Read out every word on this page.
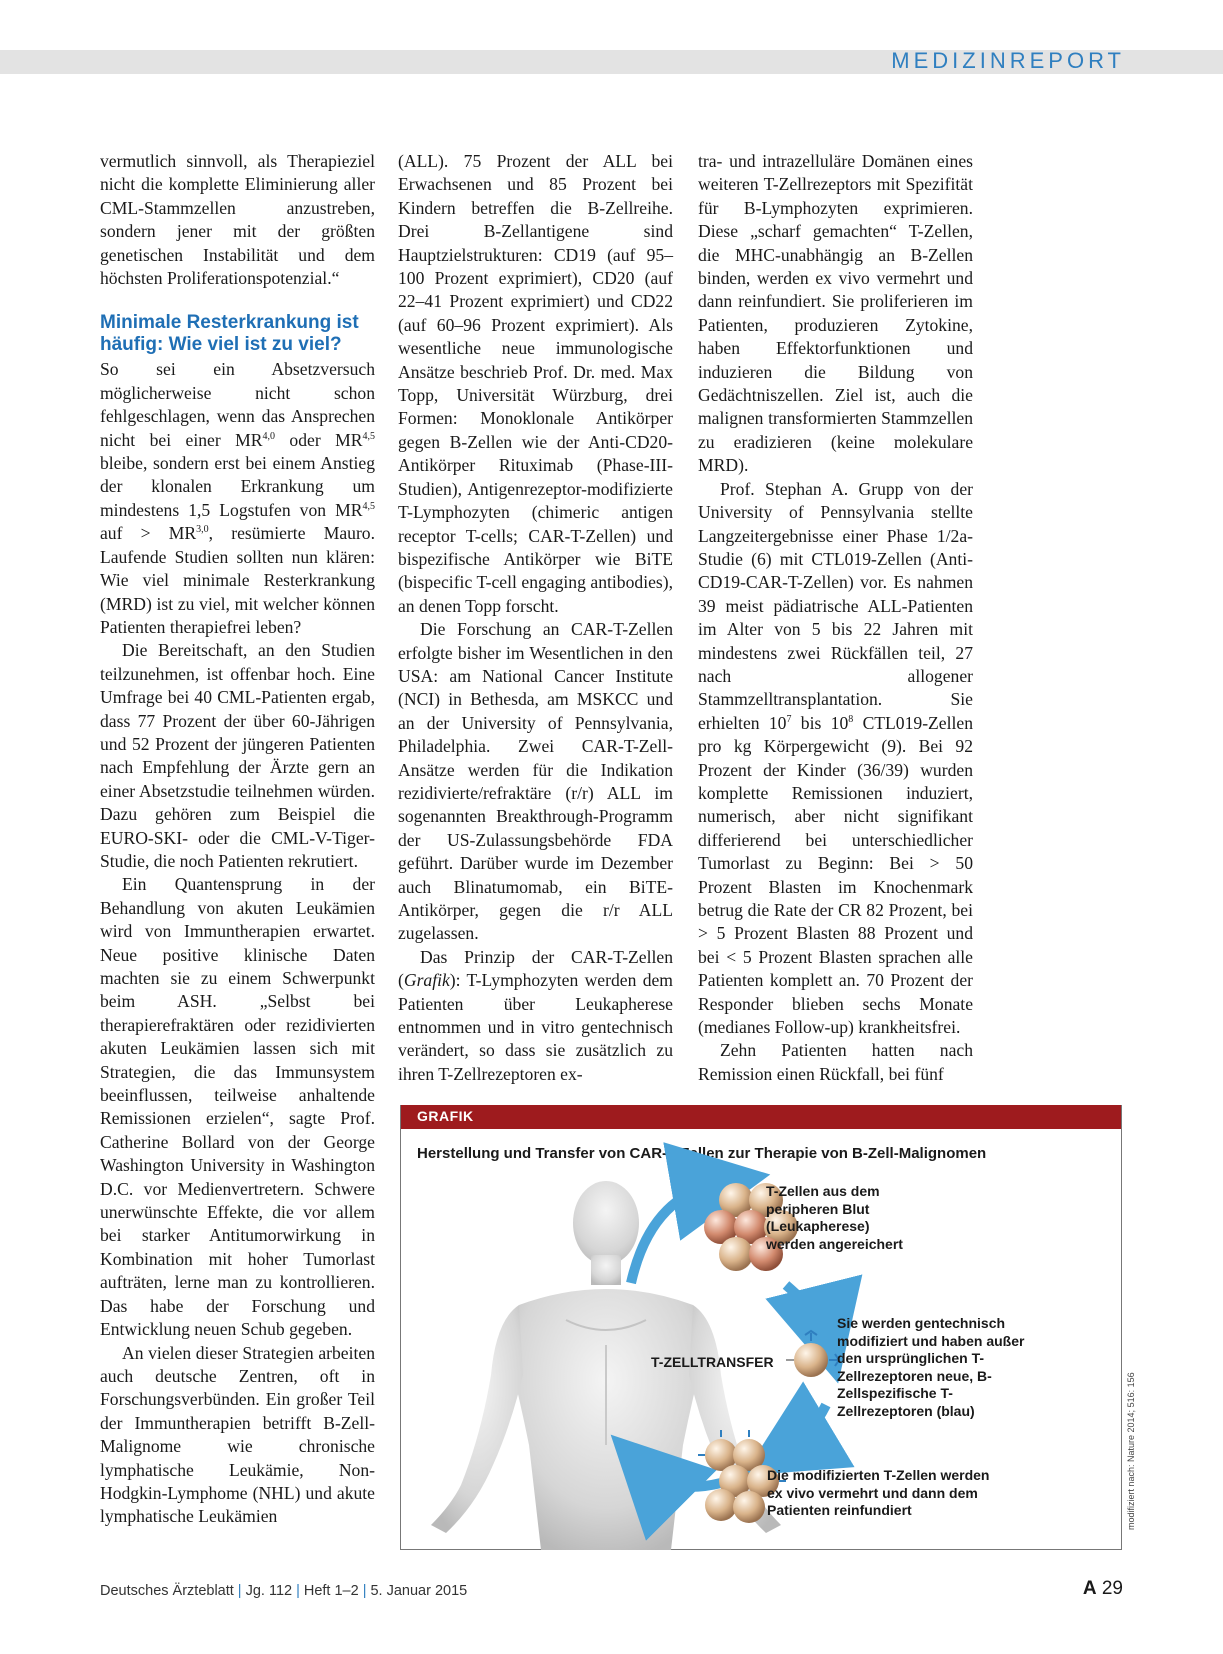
MEDIZINREPORT

vermutlich sinnvoll, als Therapieziel nicht die komplette Eliminierung aller CML-Stammzellen anzustreben, sondern jener mit der größten genetischen Instabilität und dem höchsten Proliferationspotenzial.“

Minimale Resterkrankung ist häufig: Wie viel ist zu viel?

So sei ein Absetzversuch möglicherweise nicht schon fehlgeschlagen, wenn das Ansprechen nicht bei einer MR$^{4,0}$ oder MR$^{4,5}$ bleibe, sondern erst bei einem Anstieg der klonalen Erkrankung um mindestens 1,5 Logstufen von MR$^{4,5}$ auf > MR$^{3,0}$, resümierte Mauro. Laufende Studien sollten nun klären: Wie viel minimale Resterkrankung (MRD) ist zu viel, mit welcher können Patienten therapiefrei leben?

Die Bereitschaft, an den Studien teilzunehmen, ist offenbar hoch. Eine Umfrage bei 40 CML-Patienten ergab, dass 77 Prozent der über 60-Jährigen und 52 Prozent der jüngeren Patienten nach Empfehlung der Ärzte gern an einer Absetzstudie teilnehmen würden. Dazu gehören zum Beispiel die EURO-SKI- oder die CML-V-Tiger-Studie, die noch Patienten rekrutiert.

Ein Quantensprung in der Behandlung von akuten Leukämien wird von Immuntherapien erwartet. Neue positive klinische Daten machten sie zu einem Schwerpunkt beim ASH. „Selbst bei therapierefraktären oder rezidivierten akuten Leukämien lassen sich mit Strategien, die das Immunsystem beeinflussen, teilweise anhaltende Remissionen erzielen“, sagte Prof. Catherine Bollard von der George Washington University in Washington D.C. vor Medienvertretern. Schwere unerwünschte Effekte, die vor allem bei starker Antitumorwirkung in Kombination mit hoher Tumorlast aufträten, lerne man zu kontrollieren. Das habe der Forschung und Entwicklung neuen Schub gegeben.

An vielen dieser Strategien arbeiten auch deutsche Zentren, oft in Forschungsverbünden. Ein großer Teil der Immuntherapien betrifft B-Zell-Malignome wie chronische lymphatische Leukämie, Non-Hodgkin-Lymphome (NHL) und akute lymphatische Leukämien

(ALL). 75 Prozent der ALL bei Erwachsenen und 85 Prozent bei Kindern betreffen die B-Zellreihe. Drei B-Zellantigene sind Hauptzielstrukturen: CD19 (auf 95–100 Prozent exprimiert), CD20 (auf 22–41 Prozent exprimiert) und CD22 (auf 60–96 Prozent exprimiert). Als wesentliche neue immunologische Ansätze beschrieb Prof. Dr. med. Max Topp, Universität Würzburg, drei Formen: Monoklonale Antikörper gegen B-Zellen wie der Anti-CD20-Antikörper Rituximab (Phase-III-Studien), Antigenrezeptor-modifizierte T-Lymphozyten (chimeric antigen receptor T-cells; CAR-T-Zellen) und bispezifische Antikörper wie BiTE (bispecific T-cell engaging antibodies), an denen Topp forscht.

Die Forschung an CAR-T-Zellen erfolgte bisher im Wesentlichen in den USA: am National Cancer Institute (NCI) in Bethesda, am MSKCC und an der University of Pennsylvania, Philadelphia. Zwei CAR-T-Zell-Ansätze werden für die Indikation rezidivierte/refraktäre (r/r) ALL im sogenannten Breakthrough-Programm der US-Zulassungsbehörde FDA geführt. Darüber wurde im Dezember auch Blinatumomab, ein BiTE-Antikörper, gegen die r/r ALL zugelassen.

Das Prinzip der CAR-T-Zellen (Grafik): T-Lymphozyten werden dem Patienten über Leukapherese entnommen und in vitro gentechnisch verändert, so dass sie zusätzlich zu ihren T-Zellrezeptoren ex-

tra- und intrazelluläre Domänen eines weiteren T-Zellrezeptors mit Spezifität für B-Lymphozyten exprimieren. Diese „scharf gemachten“ T-Zellen, die MHC-unabhängig an B-Zellen binden, werden ex vivo vermehrt und dann reinfundiert. Sie proliferieren im Patienten, produzieren Zytokine, haben Effektorfunktionen und induzieren die Bildung von Gedächtniszellen. Ziel ist, auch die malignen transformierten Stammzellen zu eradizieren (keine molekulare MRD).

Prof. Stephan A. Grupp von der University of Pennsylvania stellte Langzeitergebnisse einer Phase 1/2a-Studie (6) mit CTL019-Zellen (Anti-CD19-CAR-T-Zellen) vor. Es nahmen 39 meist pädiatrische ALL-Patienten im Alter von 5 bis 22 Jahren mit mindestens zwei Rückfällen teil, 27 nach allogener Stammzelltransplantation. Sie erhielten $10^7$ bis $10^8$ CTL019-Zellen pro kg Körpergewicht (9). Bei 92 Prozent der Kinder (36/39) wurden komplette Remissionen induziert, numerisch, aber nicht signifikant differierend bei unterschiedlicher Tumorlast zu Beginn: Bei > 50 Prozent Blasten im Knochenmark betrug die Rate der CR 82 Prozent, bei > 5 Prozent Blasten 88 Prozent und bei < 5 Prozent Blasten sprachen alle Patienten komplett an. 70 Prozent der Responder blieben sechs Monate (medianes Follow-up) krankheitsfrei.

Zehn Patienten hatten nach Remission einen Rückfall, bei fünf

GRAFIK
Herstellung und Transfer von CAR-T-Zellen zur Therapie von B-Zell-Malignomen
T-Zellen aus dem peripheren Blut (Leukapherese) werden angereichert
Sie werden gentechnisch modifiziert und haben außer den ursprünglichen T-Zellrezeptoren neue, B-Zellspezifische T-Zellrezeptoren (blau)
Die modifizierten T-Zellen werden ex vivo vermehrt und dann dem Patienten reinfundiert
T-ZELLTRANSFER
modifiziert nach: Nature 2014; 516: 156
Deutsches Ärzteblatt | Jg. 112 | Heft 1–2 | 5. Januar 2015	A 29
